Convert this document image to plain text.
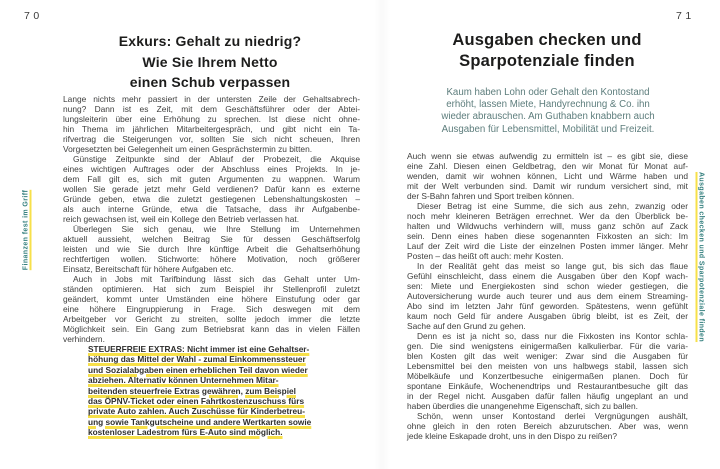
70
Exkurs: Gehalt zu niedrig?
Wie Sie Ihrem Netto
einen Schub verpassen
Lange nichts mehr passiert in der untersten Zeile der Gehaltsabrech-
nung? Dann ist es Zeit, mit dem Geschäftsführer oder der Abtei-
lungsleiterin über eine Erhöhung zu sprechen. Ist diese nicht ohne-
hin Thema im jährlichen Mitarbeitergespräch, und gibt nicht ein Ta-
rifvertrag die Steigerungen vor, sollten Sie sich nicht scheuen, Ihren
Vorgesetzten bei Gelegenheit um einen Gesprächstermin zu bitten.
Günstige Zeitpunkte sind der Ablauf der Probezeit, die Akquise
eines wichtigen Auftrages oder der Abschluss eines Projekts. In je-
dem Fall gilt es, sich mit guten Argumenten zu wappnen. Warum
wollen Sie gerade jetzt mehr Geld verdienen? Dafür kann es externe
Gründe geben, etwa die zuletzt gestiegenen Lebenshaltungskosten –
als auch interne Gründe, etwa die Tatsache, dass ihr Aufgabenbe-
reich gewachsen ist, weil ein Kollege den Betrieb verlassen hat.
Überlegen Sie sich genau, wie Ihre Stellung im Unternehmen
aktuell aussieht, welchen Beitrag Sie für dessen Geschäftserfolg
leisten und wie Sie durch Ihre künftige Arbeit die Gehaltserhöhung
rechtfertigen wollen. Stichworte: höhere Motivation, noch größerer
Einsatz, Bereitschaft für höhere Aufgaben etc.
Auch in Jobs mit Tarifbindung lässt sich das Gehalt unter Um-
ständen optimieren. Hat sich zum Beispiel ihr Stellenprofil zuletzt
geändert, kommt unter Umständen eine höhere Einstufung oder gar
eine höhere Eingruppierung in Frage. Sich deswegen mit dem
Arbeitgeber vor Gericht zu streiten, sollte jedoch immer die letzte
Möglichkeit sein. Ein Gang zum Betriebsrat kann das in vielen Fällen
verhindern.
STEUERFREIE EXTRAS: Nicht immer ist eine Gehaltser-
höhung das Mittel der Wahl - zumal Einkommenssteuer
und Sozialabgaben einen erheblichen Teil davon wieder
abziehen. Alternativ können Unternehmen Mitar-
beitenden steuerfreie Extras gewähren, zum Beispiel
das ÖPNV-Ticket oder einen Fahrtkostenzuschuss fürs
private Auto zahlen. Auch Zuschüsse für Kinderbetreu-
ung sowie Tankgutscheine und andere Wertkarten sowie
kostenloser Ladestrom fürs E-Auto sind möglich.
Finanzen fest im Griff
71
Ausgaben checken und
Sparpotenziale finden
Kaum haben Lohn oder Gehalt den Kontostand
erhöht, lassen Miete, Handyrechnung & Co. ihn
wieder abrauschen. Am Guthaben knabbern auch
Ausgaben für Lebensmittel, Mobilität und Freizeit.
Auch wenn sie etwas aufwendig zu ermitteln ist – es gibt sie, diese
eine Zahl. Diesen einen Geldbetrag, den wir Monat für Monat auf-
wenden, damit wir wohnen können, Licht und Wärme haben und
mit der Welt verbunden sind. Damit wir rundum versichert sind, mit
der S-Bahn fahren und Sport treiben können.
Dieser Betrag ist eine Summe, die sich aus zehn, zwanzig oder
noch mehr kleineren Beträgen errechnet. Wer da den Überblick be-
halten und Wildwuchs verhindern will, muss ganz schön auf Zack
sein. Denn eines haben diese sogenannten Fixkosten an sich: Im
Lauf der Zeit wird die Liste der einzelnen Posten immer länger. Mehr
Posten – das heißt oft auch: mehr Kosten.
In der Realität geht das meist so lange gut, bis sich das flaue
Gefühl einschleicht, dass einem die Ausgaben über den Kopf wach-
sen: Miete und Energiekosten sind schon wieder gestiegen, die
Autoversicherung wurde auch teurer und aus dem einem Streaming-
Abo sind im letzten Jahr fünf geworden. Spätestens, wenn gefühlt
kaum noch Geld für andere Ausgaben übrig bleibt, ist es Zeit, der
Sache auf den Grund zu gehen.
Denn es ist ja nicht so, dass nur die Fixkosten ins Kontor schla-
gen. Die sind wenigstens einigermaßen kalkulierbar. Für die varia-
blen Kosten gilt das weit weniger: Zwar sind die Ausgaben für
Lebensmittel bei den meisten von uns halbwegs stabil, lassen sich
Möbelkäufe und Konzertbesuche einigermaßen planen. Doch für
spontane Einkäufe, Wochenendtrips und Restaurantbesuche gilt das
in der Regel nicht. Ausgaben dafür fallen häufig ungeplant an und
haben überdies die unangenehme Eigenschaft, sich zu ballen.
Schön, wenn unser Kontostand derlei Vergnügungen aushält,
ohne gleich in den roten Bereich abzurutschen. Aber was, wenn
jede kleine Eskapade droht, uns in den Dispo zu reißen?
Ausgaben checken und Sparpotenziale finden
